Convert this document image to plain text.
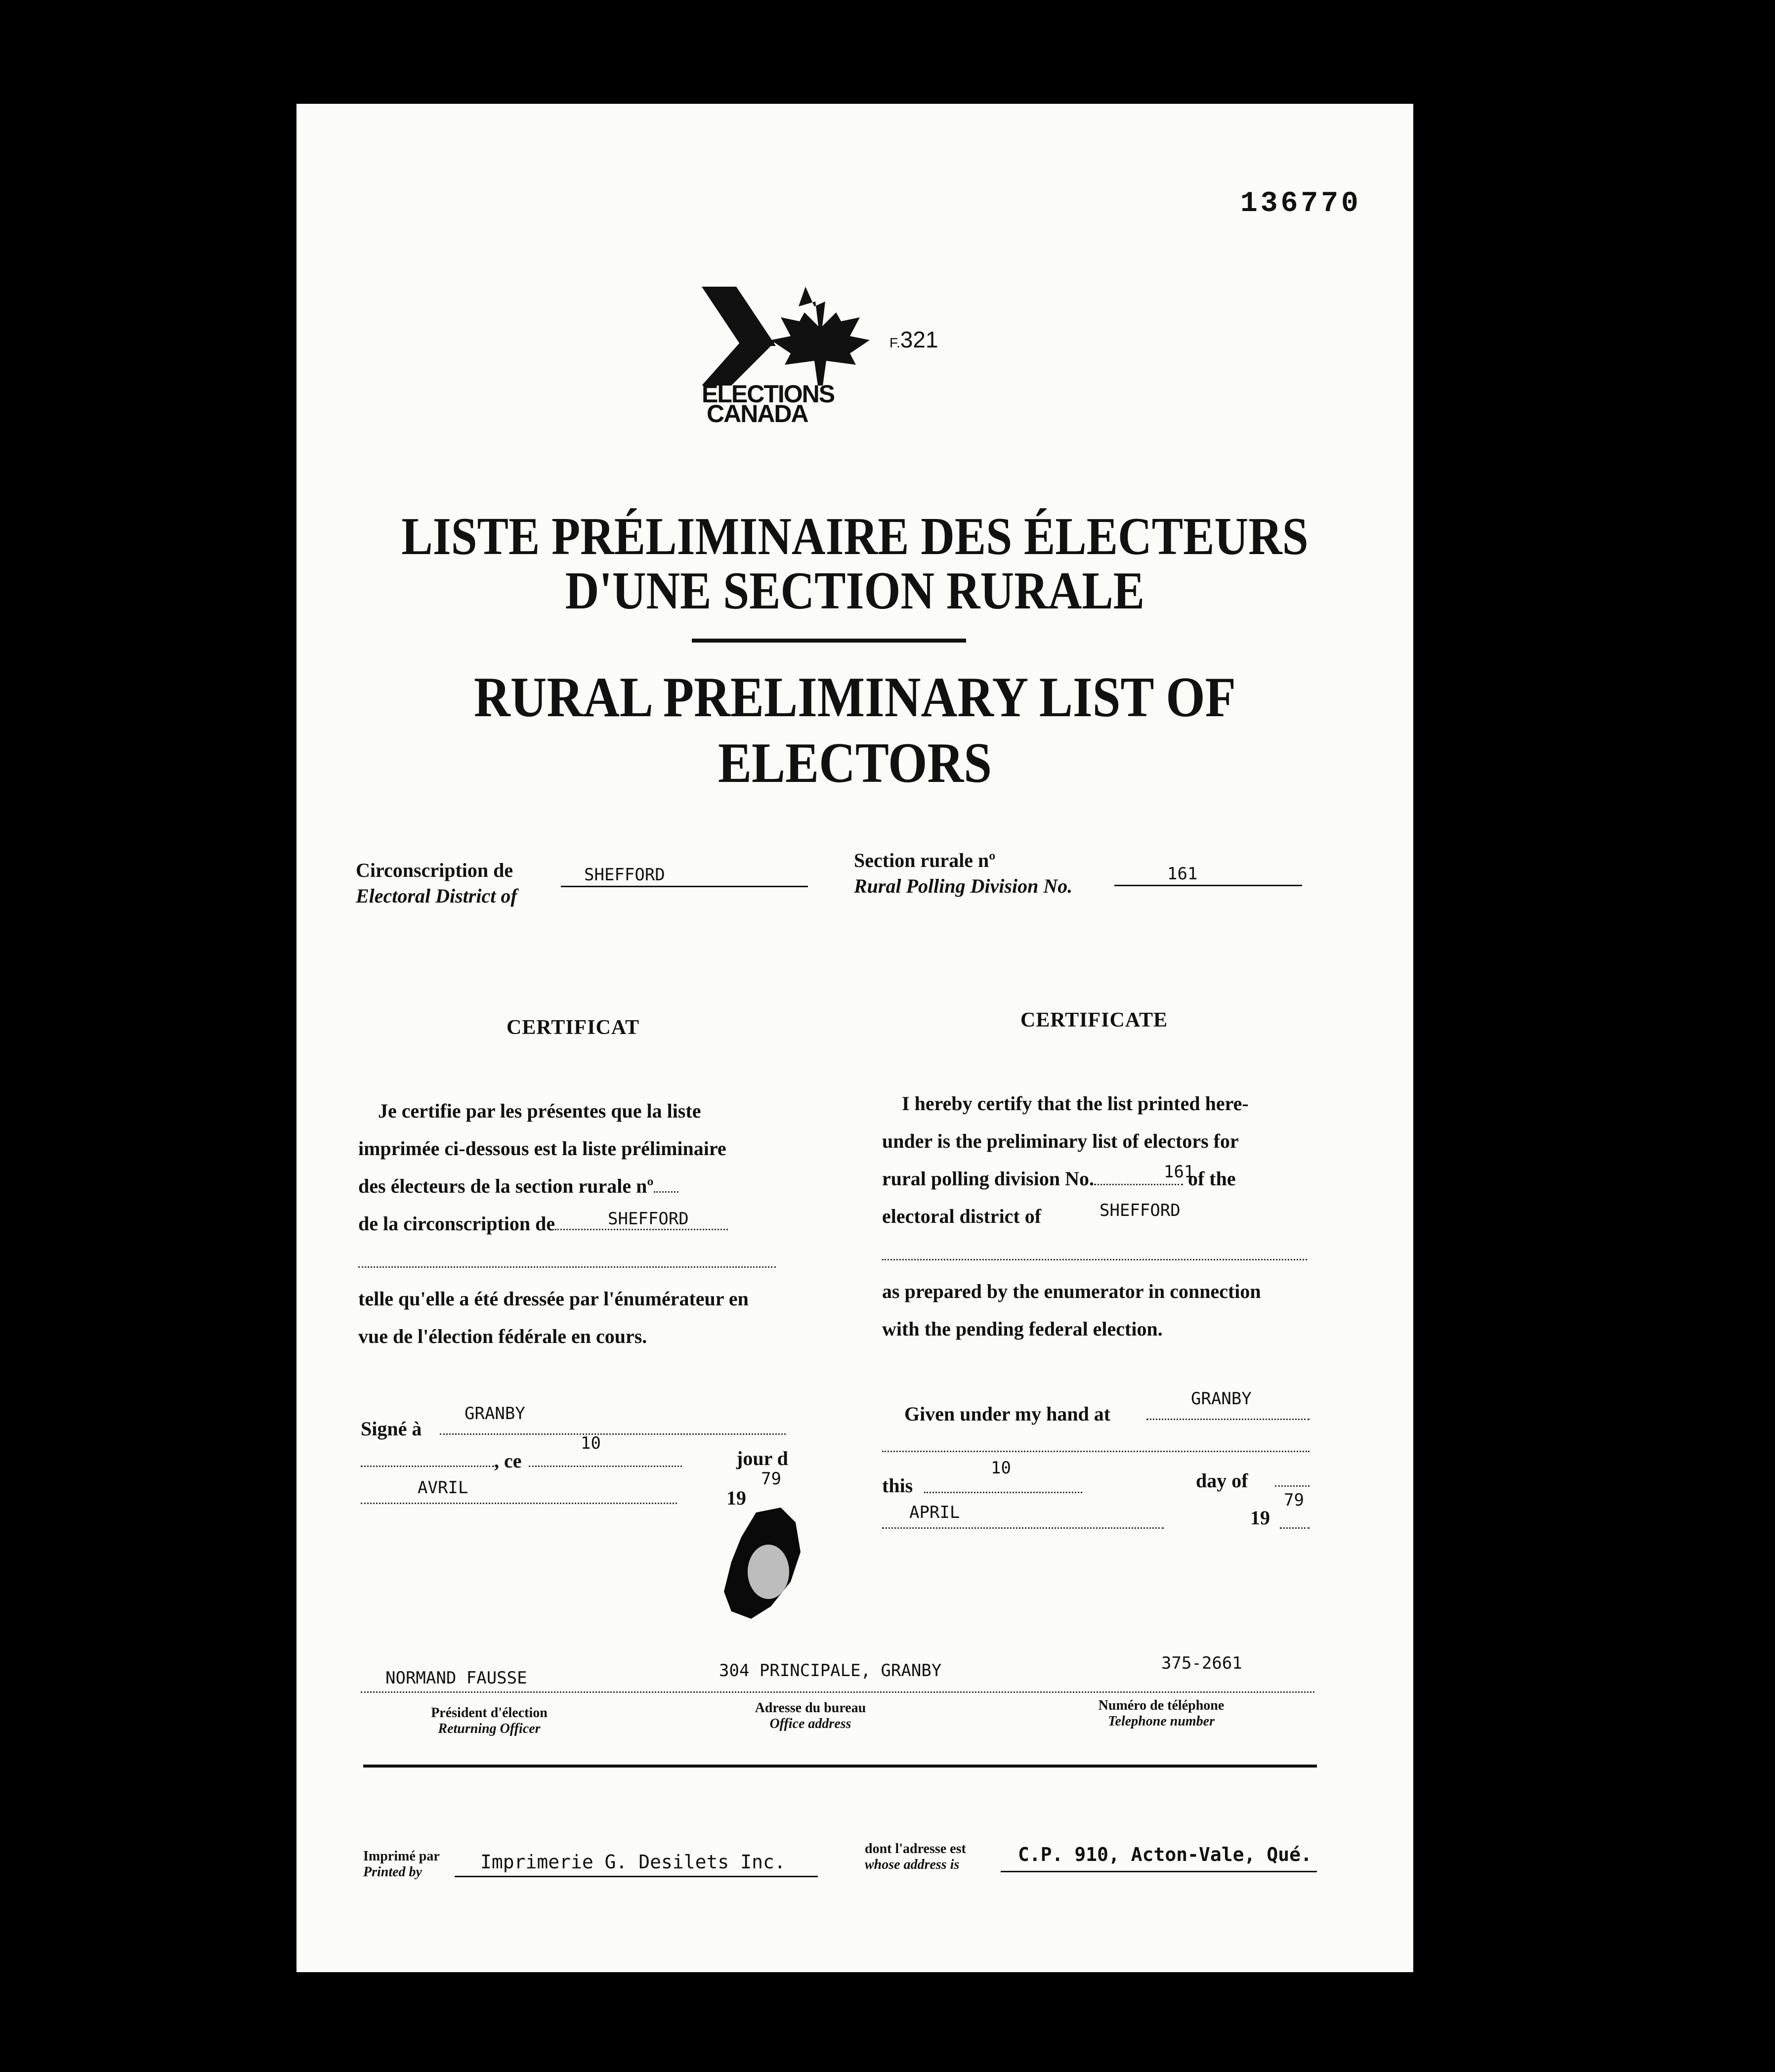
136770
ELECTIONS
CANADA
F.321
LISTE PRÉLIMINAIRE DES ÉLECTEURS
D'UNE SECTION RURALE
RURAL PRELIMINARY LIST OF ELECTORS
Circonscription de
Electoral District of
SHEFFORD
Section rurale nº
Rural Polling Division No.
161
CERTIFICAT
Je certifie par les présentes que la liste
imprimée ci-dessous est la liste préliminaire
des électeurs de la section rurale nº
de la circonscription de	SHEFFORD
telle qu'elle a été dressée par l'énumérateur en
vue de l'élection fédérale en cours.
Signé à
GRANBY
, ce
10
jour d
AVRIL	19
79
CERTIFICATE
I hereby certify that the list printed here-
under is the preliminary list of electors for
rural polling division No.	of the
161
electoral district of	SHEFFORD
as prepared by the enumerator in connection
with the pending federal election.
Given under my hand at
GRANBY
this
10
day of
APRIL	19
79
NORMAND FAUSSE	304 PRINCIPALE, GRANBY	375-2661
Président d'élection
Returning Officer
Adresse du bureau
Office address
Numéro de téléphone
Telephone number
Imprimé par
Printed by	Imprimerie G. Desilets Inc.
dont l'adresse est
whose address is	C.P. 910, Acton-Vale, Qué.
